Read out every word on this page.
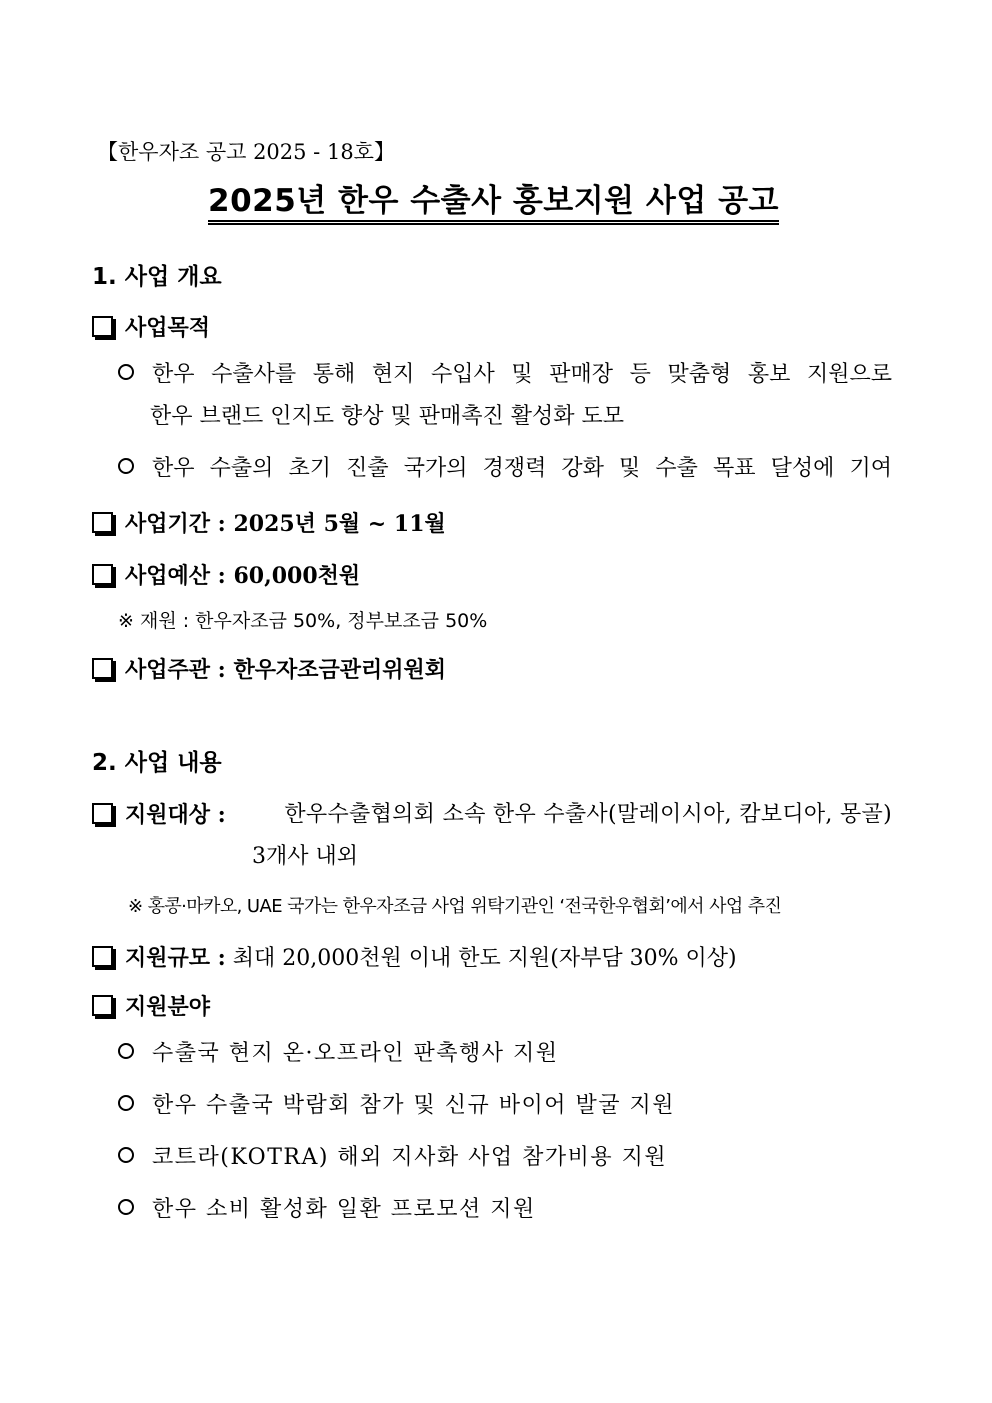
【한우자조 공고 2025 - 18호】
2025년 한우 수출사 홍보지원 사업 공고
1. 사업 개요
사업목적
한우 수출사를 통해 현지 수입사 및 판매장 등 맞춤형 홍보 지원으로
한우 브랜드 인지도 향상 및 판매촉진 활성화 도모
한우 수출의 초기 진출 국가의 경쟁력 강화 및 수출 목표 달성에 기여
사업기간 : 2025년 5월 ~ 11월
사업예산 : 60,000천원
※ 재원 : 한우자조금 50%, 정부보조금 50%
사업주관 : 한우자조금관리위원회
2. 사업 내용
지원대상 :	한우수출협의회 소속 한우 수출사(말레이시아, 캄보디아, 몽골)
3개사 내외
※ 홍콩·마카오, UAE 국가는 한우자조금 사업 위탁기관인 ‘전국한우협회’에서 사업 추진
지원규모 : 최대 20,000천원 이내 한도 지원(자부담 30% 이상)
지원분야
수출국 현지 온·오프라인 판촉행사 지원
한우 수출국 박람회 참가 및 신규 바이어 발굴 지원
코트라(KOTRA) 해외 지사화 사업 참가비용 지원
한우 소비 활성화 일환 프로모션 지원
